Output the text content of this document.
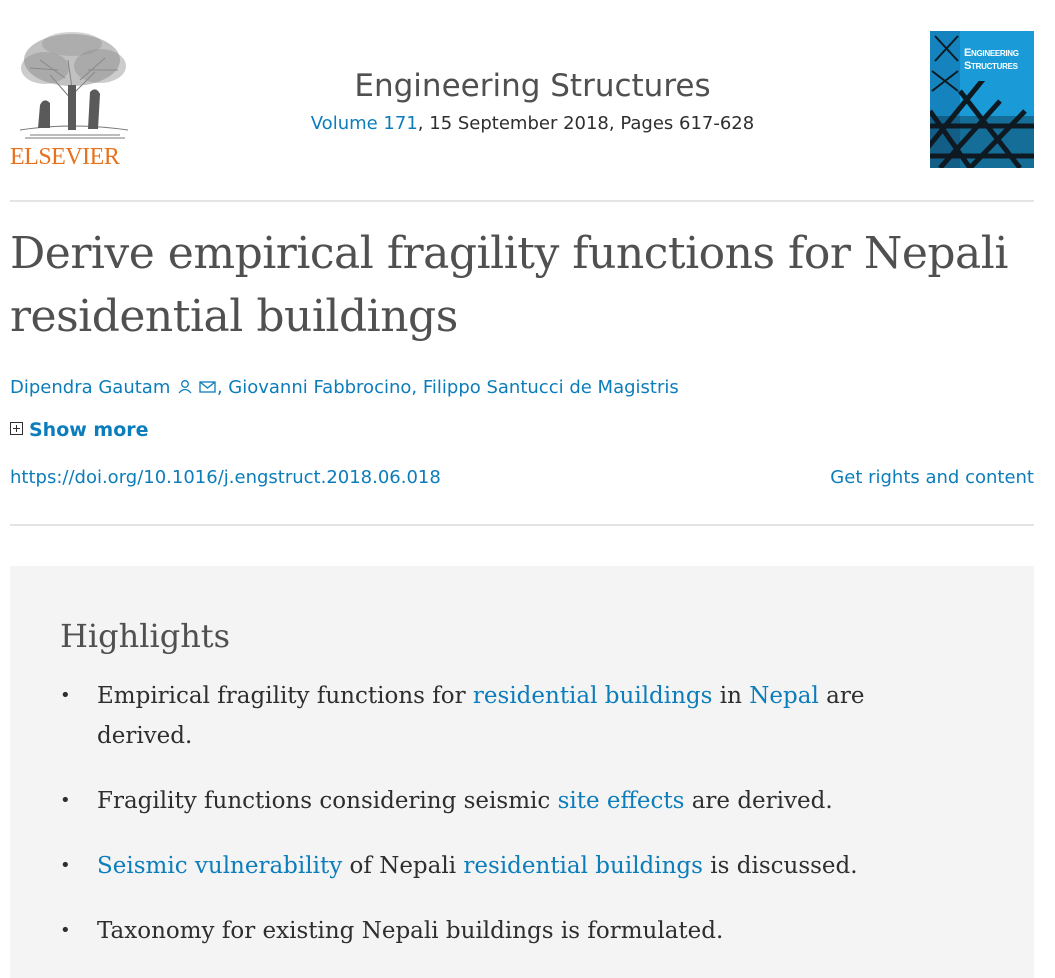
ELSEVIER
Engineering Structures
Volume 171, 15 September 2018, Pages 617-628
Engineering
Structures
Derive empirical fragility functions for Nepali residential buildings
Dipendra Gautam	, Giovanni Fabbrocino, Filippo Santucci de Magistris
Show more
https://doi.org/10.1016/j.engstruct.2018.06.018	Get rights and content
Highlights
• Empirical fragility functions for residential buildings in Nepal are derived.
• Fragility functions considering seismic site effects are derived.
• Seismic vulnerability of Nepali residential buildings is discussed.
• Taxonomy for existing Nepali buildings is formulated.
